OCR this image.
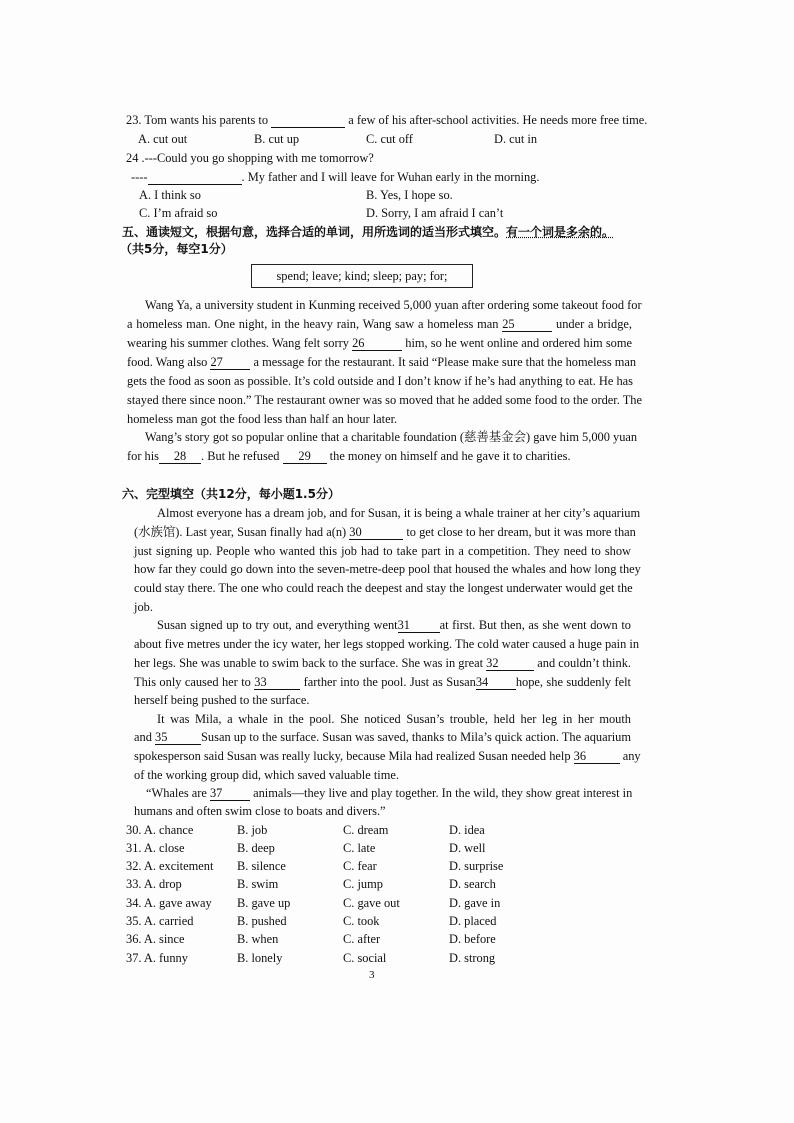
23. Tom wants his parents to	a few of his after-school activities. He needs more free time.
A. cut out	B. cut up	C. cut off	D. cut in
24 .---Could you go shopping with me tomorrow?
----	. My father and I will leave for Wuhan early in the morning.
A. I think so	B. Yes, I hope so.
C. I’m afraid so	D. Sorry, I am afraid I can’t
五、通读短文，根据句意，选择合适的单词，用所选词的适当形式填空。有一个词是多余的。
（共5分，每空1分）
spend; leave; kind; sleep; pay; for;
Wang Ya, a university student in Kunming received 5,000 yuan after ordering some takeout food for
a homeless man. One night, in the heavy rain, Wang saw a homeless man 25	under a bridge,
wearing his summer clothes. Wang felt sorry 26	him, so he went online and ordered him some
food. Wang also 27 a message for the restaurant. It said “Please make sure that the homeless man
gets the food as soon as possible. It’s cold outside and I don’t know if he’s had anything to eat. He has
stayed there since noon.” The restaurant owner was so moved that he added some food to the order. The
homeless man got the food less than half an hour later.
Wang’s story got so popular online that a charitable foundation (慈善基金会) gave him 5,000 yuan
for his 28 . But he refused 29 the money on himself and he gave it to charities.
六、完型填空（共12分，每小题1.5分）
Almost everyone has a dream job, and for Susan, it is being a whale trainer at her city’s aquarium
(水族馆). Last year, Susan finally had a(n) 30	to get close to her dream, but it was more than
just signing up. People who wanted this job had to take part in a competition. They need to show
how far they could go down into the seven-metre-deep pool that housed the whales and how long they
could stay there. The one who could reach the deepest and stay the longest underwater would get the
job.
Susan signed up to try out, and everything went31 at first. But then, as she went down to
about five metres under the icy water, her legs stopped working. The cold water caused a huge pain in
her legs. She was unable to swim back to the surface. She was in great 32	and couldn’t think.
This only caused her to 33	farther into the pool. Just as Susan34 hope, she suddenly felt
herself being pushed to the surface.
It was Mila, a whale in the pool. She noticed Susan’s trouble, held her leg in her mouth
and 35	Susan up to the surface. Susan was saved, thanks to Mila’s quick action. The aquarium
spokesperson said Susan was really lucky, because Mila had realized Susan needed help 36	any
of the working group did, which saved valuable time.
“Whales are 37 animals—they live and play together. In the wild, they show great interest in
humans and often swim close to boats and divers.”
30. A. chance	B. job	C. dream	D. idea
31. A. close	B. deep	C. late	D. well
32. A. excitement B. silence	C. fear	D. surprise
33. A. drop	B. swim	C. jump	D. search
34. A. gave away B. gave up	C. gave out	D. gave in
35. A. carried	B. pushed	C. took	D. placed
36. A. since	B. when	C. after	D. before
37. A. funny	B. lonely	C. social	D. strong
3
